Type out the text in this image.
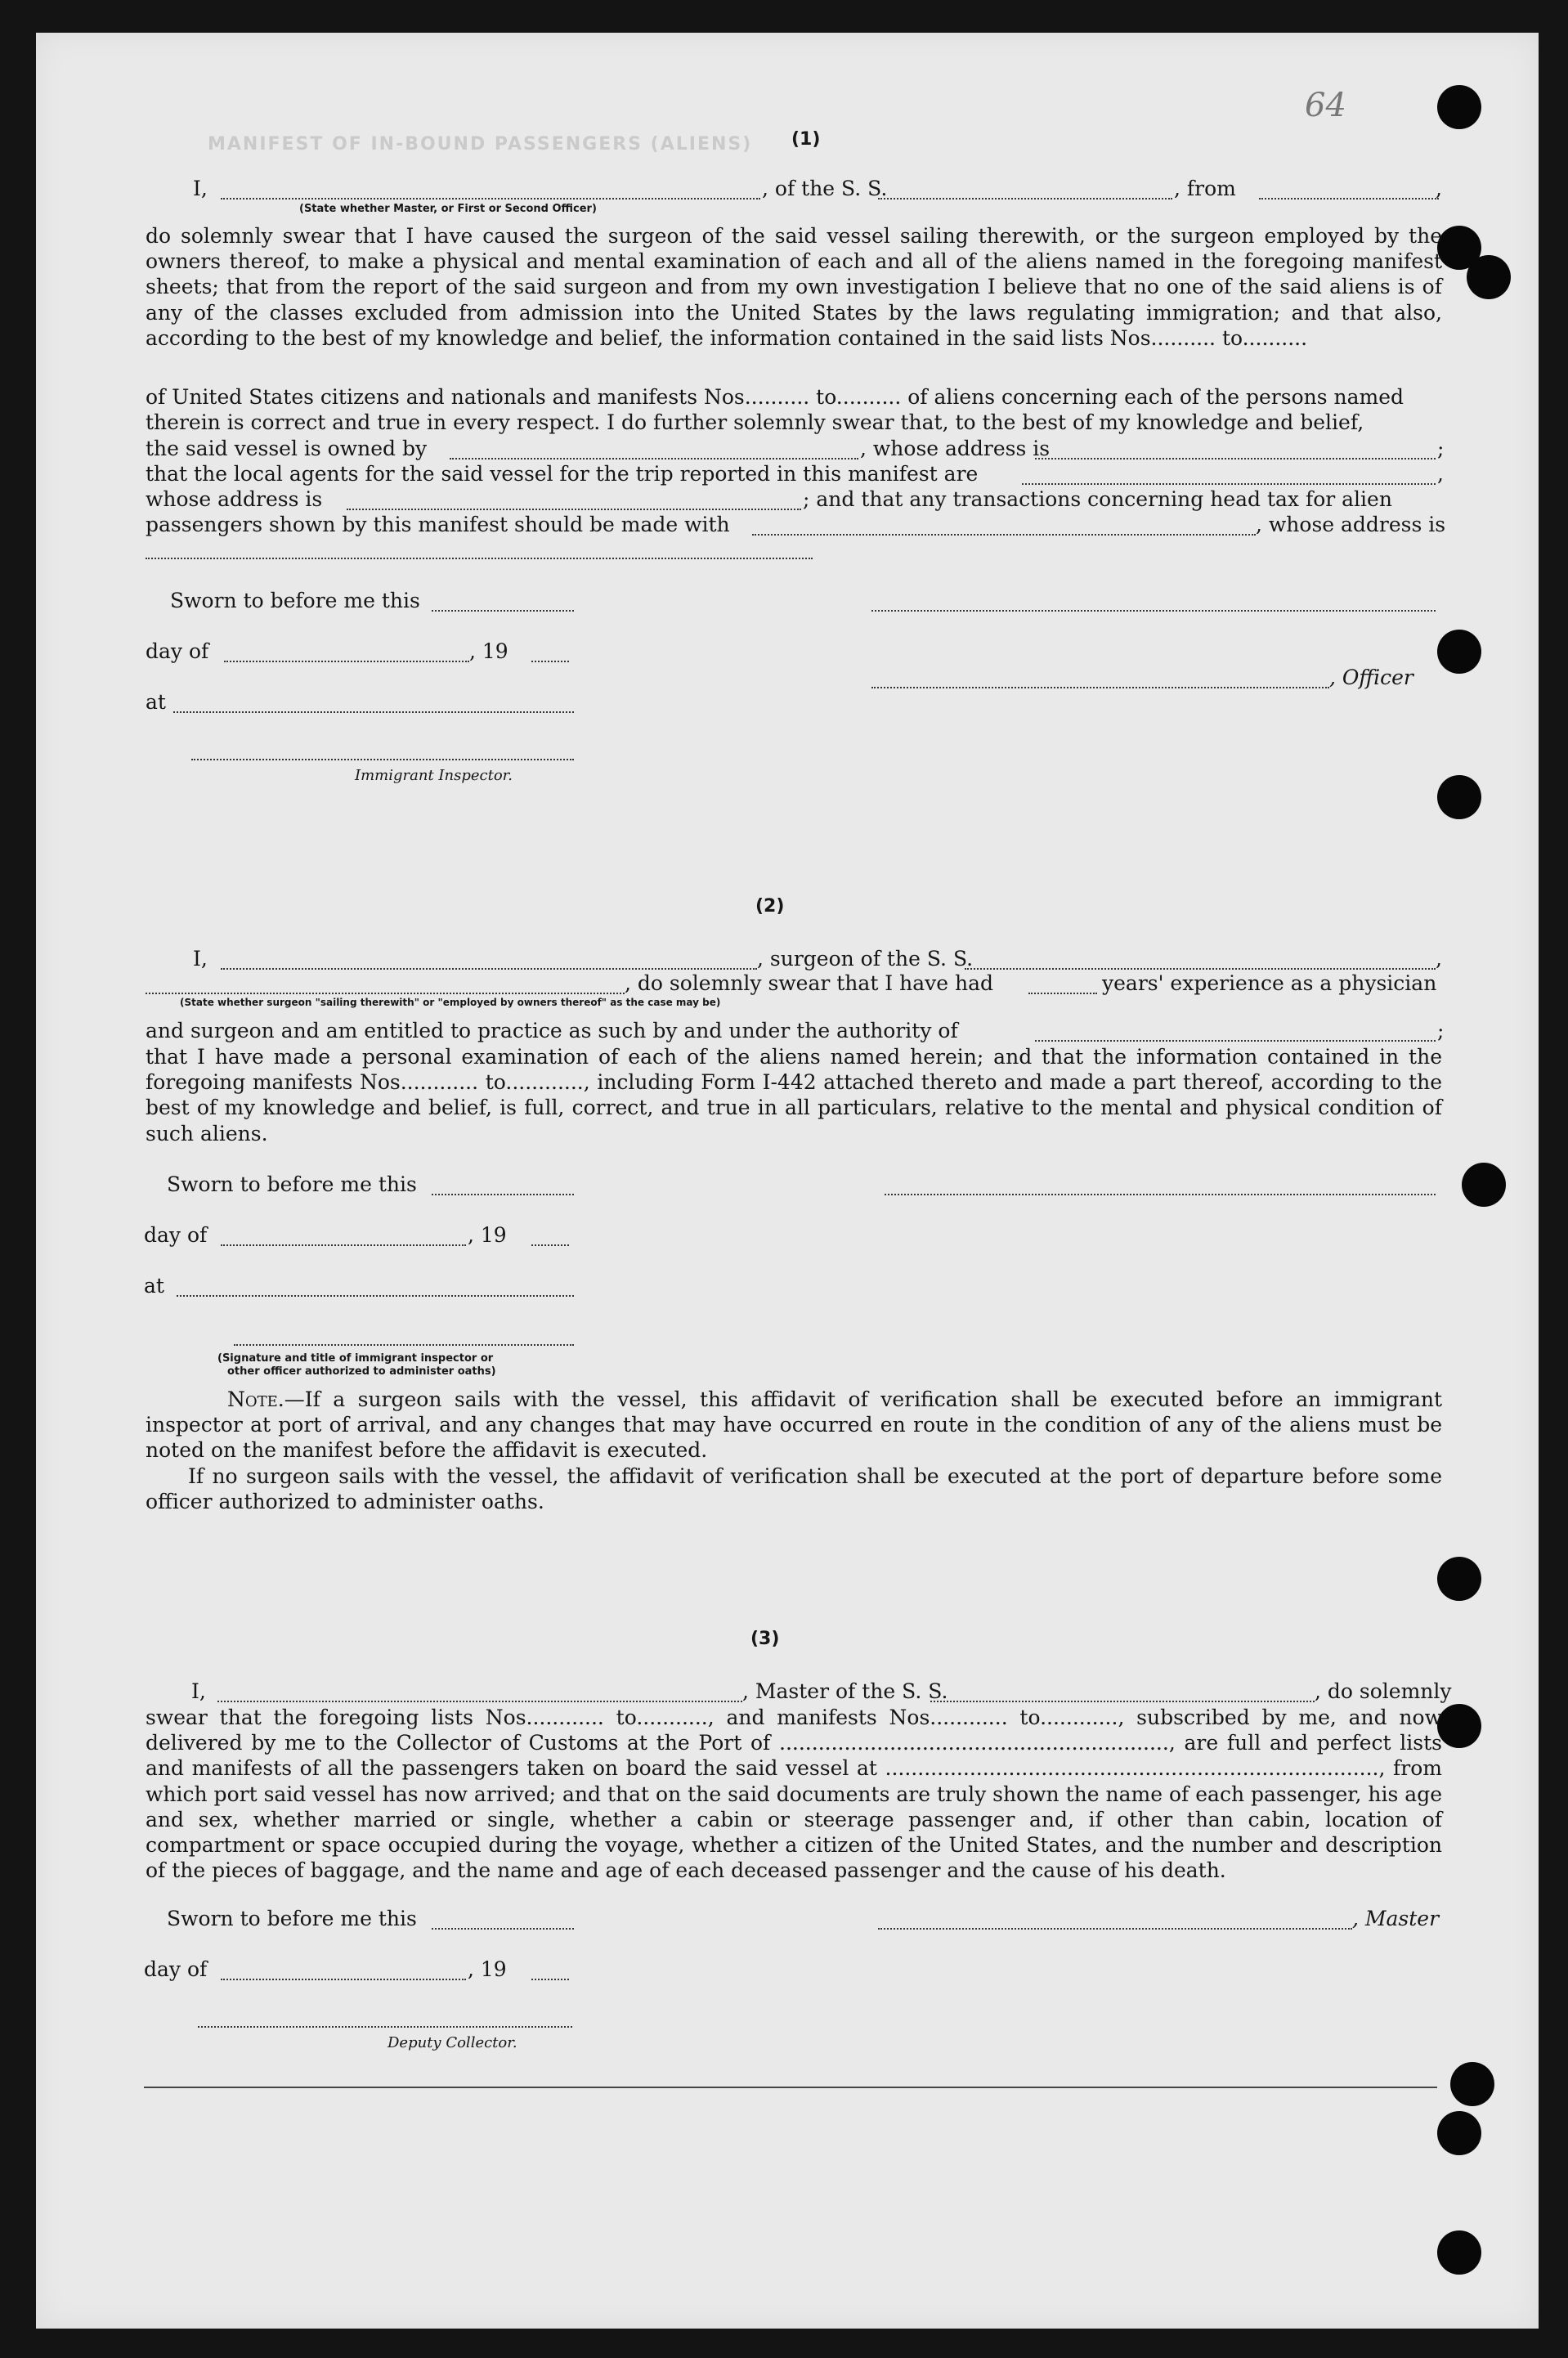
MANIFEST OF IN-BOUND PASSENGERS (ALIENS)
64
(1)
I,	, of the S. S.	, from	,
(State whether Master, or First or Second Officer)
do solemnly swear that I have caused the surgeon of the said vessel sailing therewith, or the surgeon employed by the owners thereof, to make a physical and mental examination of each and all of the aliens named in the foregoing manifest sheets; that from the report of the said surgeon and from my own investigation I believe that no one of the said aliens is of any of the classes excluded from admission into the United States by the laws regulating immigration; and that also, according to the best of my knowledge and belief, the information contained in the said lists Nos.......... to..........
of United States citizens and nationals and manifests Nos.......... to.......... of aliens concerning each of the persons named
therein is correct and true in every respect. I do further solemnly swear that, to the best of my knowledge and belief,
the said vessel is owned by	, whose address is	;
that the local agents for the said vessel for the trip reported in this manifest are	,
whose address is	; and that any transactions concerning head tax for alien
passengers shown by this manifest should be made with	, whose address is
Sworn to before me this
day of	, 19
, Officer
at
Immigrant Inspector.
(2)
I,	, surgeon of the S. S.	,
, do solemnly swear that I have had	years' experience as a physician
(State whether surgeon "sailing therewith" or "employed by owners thereof" as the case may be)
and surgeon and am entitled to practice as such by and under the authority of	;
that I have made a personal examination of each of the aliens named herein; and that the information contained in the foregoing manifests Nos............ to............, including Form I-442 attached thereto and made a part thereof, according to the best of my knowledge and belief, is full, correct, and true in all particulars, relative to the mental and physical condition of such aliens.
Sworn to before me this
day of	, 19
at
(Signature and title of immigrant inspector or
other officer authorized to administer oaths)
Note.—If a surgeon sails with the vessel, this affidavit of verification shall be executed before an immigrant inspector at port of arrival, and any changes that may have occurred en route in the condition of any of the aliens must be noted on the manifest before the affidavit is executed.
If no surgeon sails with the vessel, the affidavit of verification shall be executed at the port of departure before some officer authorized to administer oaths.
(3)
I,	, Master of the S. S.	, do solemnly
swear that the foregoing lists Nos............ to..........., and manifests Nos............ to............, subscribed by me, and now delivered by me to the Collector of Customs at the Port of ............................................................, are full and perfect lists and manifests of all the passengers taken on board the said vessel at ............................................................................, from which port said vessel has now arrived; and that on the said documents are truly shown the name of each passenger, his age and sex, whether married or single, whether a cabin or steerage passenger and, if other than cabin, location of compartment or space occupied during the voyage, whether a citizen of the United States, and the number and description of the pieces of baggage, and the name and age of each deceased passenger and the cause of his death.
Sworn to before me this	, Master
day of	, 19
Deputy Collector.
